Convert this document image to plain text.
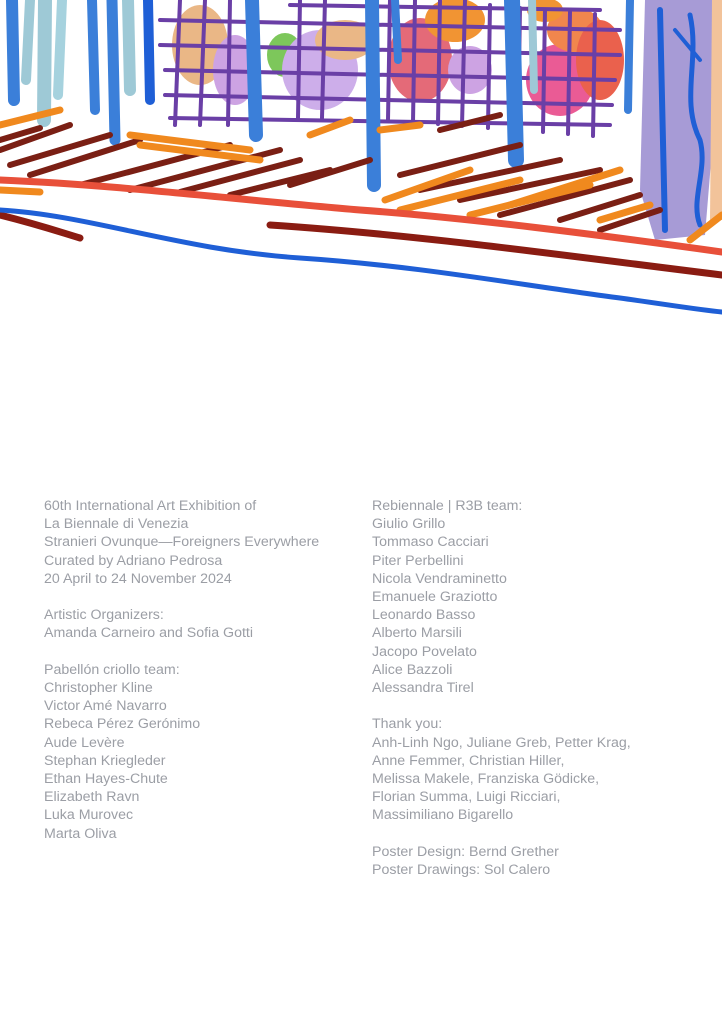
60th International Art Exhibition of
La Biennale di Venezia
Stranieri Ovunque—Foreigners Everywhere
Curated by Adriano Pedrosa
20 April to 24 November 2024
Artistic Organizers:
Amanda Carneiro and Sofia Gotti
Pabellón criollo team:
Christopher Kline
Victor Amé Navarro
Rebeca Pérez Gerónimo
Aude Levère
Stephan Kriegleder
Ethan Hayes-Chute
Elizabeth Ravn
Luka Murovec
Marta Oliva
Rebiennale | R3B team:
Giulio Grillo
Tommaso Cacciari
Piter Perbellini
Nicola Vendraminetto
Emanuele Graziotto
Leonardo Basso
Alberto Marsili
Jacopo Povelato
Alice Bazzoli
Alessandra Tirel
Thank you:
Anh-Linh Ngo, Juliane Greb, Petter Krag,
Anne Femmer, Christian Hiller,
Melissa Makele, Franziska Gödicke,
Florian Summa, Luigi Ricciari,
Massimiliano Bigarello
Poster Design: Bernd Grether
Poster Drawings: Sol Calero
